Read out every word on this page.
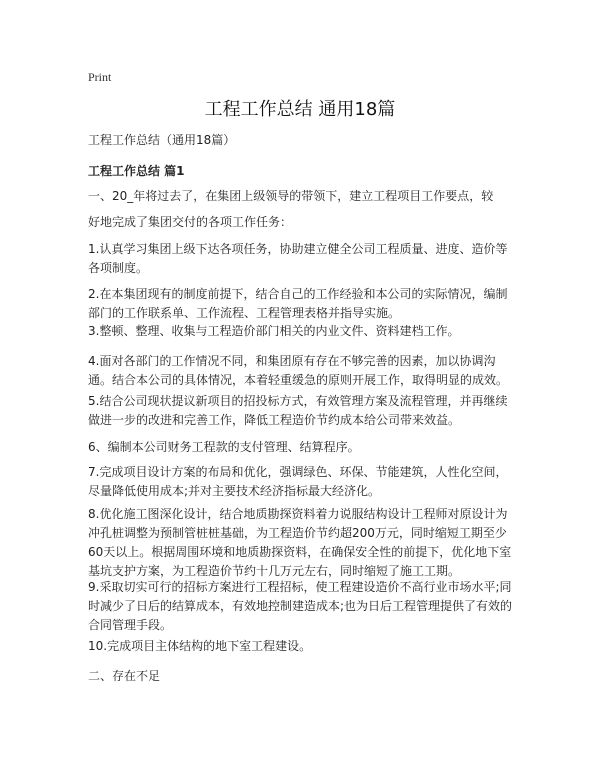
Print
工程工作总结 通用18篇

工程工作总结（通用18篇）

工程工作总结 篇1

一、20_年将过去了，在集团上级领导的带领下，建立工程项目工作要点，较

好地完成了集团交付的各项工作任务：

1.认真学习集团上级下达各项任务，协助建立健全公司工程质量、进度、造价等各项制度。

2.在本集团现有的制度前提下，结合自己的工作经验和本公司的实际情况，编制部门的工作联系单、工作流程、工程管理表格并指导实施。

3.整顿、整理、收集与工程造价部门相关的内业文件、资料建档工作。

4.面对各部门的工作情况不同，和集团原有存在不够完善的因素，加以协调沟通。结合本公司的具体情况，本着轻重缓急的原则开展工作，取得明显的成效。

5.结合公司现状提议新项目的招投标方式，有效管理方案及流程管理，并再继续做进一步的改进和完善工作，降低工程造价节约成本给公司带来效益。

6、编制本公司财务工程款的支付管理、结算程序。

7.完成项目设计方案的布局和优化，强调绿色、环保、节能建筑，人性化空间，尽量降低使用成本;并对主要技术经济指标最大经济化。

8.优化施工图深化设计，结合地质勘探资料着力说服结构设计工程师对原设计为冲孔桩调整为预制管桩桩基础，为工程造价节约超200万元，同时缩短工期至少60天以上。根据周围环境和地质勘探资料，在确保安全性的前提下，优化地下室基坑支护方案，为工程造价节约十几万元左右，同时缩短了施工工期。

9.采取切实可行的招标方案进行工程招标，使工程建设造价不高行业市场水平;同时减少了日后的结算成本，有效地控制建造成本;也为日后工程管理提供了有效的合同管理手段。

10.完成项目主体结构的地下室工程建设。

二、存在不足
